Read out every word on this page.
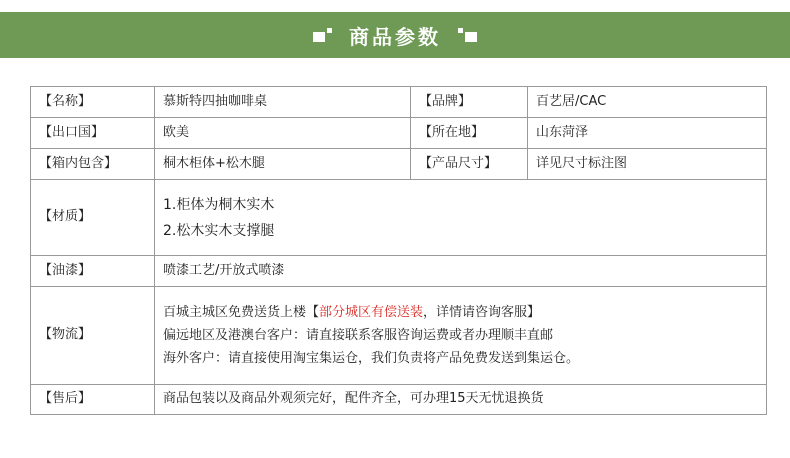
商品参数
【名称】	慕斯特四抽咖啡桌	【品牌】	百艺居/CAC
【出口国】	欧美	【所在地】	山东菏泽
【箱内包含】	桐木柜体+松木腿	【产品尺寸】	详见尺寸标注图
【材质】	1.柜体为桐木实木
2.松木实木支撑腿		

【油漆】	喷漆工艺/开放式喷漆		
【物流】	百城主城区免费送货上楼【部分城区有偿送装，详情请咨询客服】
偏远地区及港澳台客户：请直接联系客服咨询运费或者办理顺丰直邮
海外客户：请直接使用淘宝集运仓，我们负责将产品免费发送到集运仓。		

【售后】	商品包装以及商品外观须完好，配件齐全，可办理15天无忧退换货		
